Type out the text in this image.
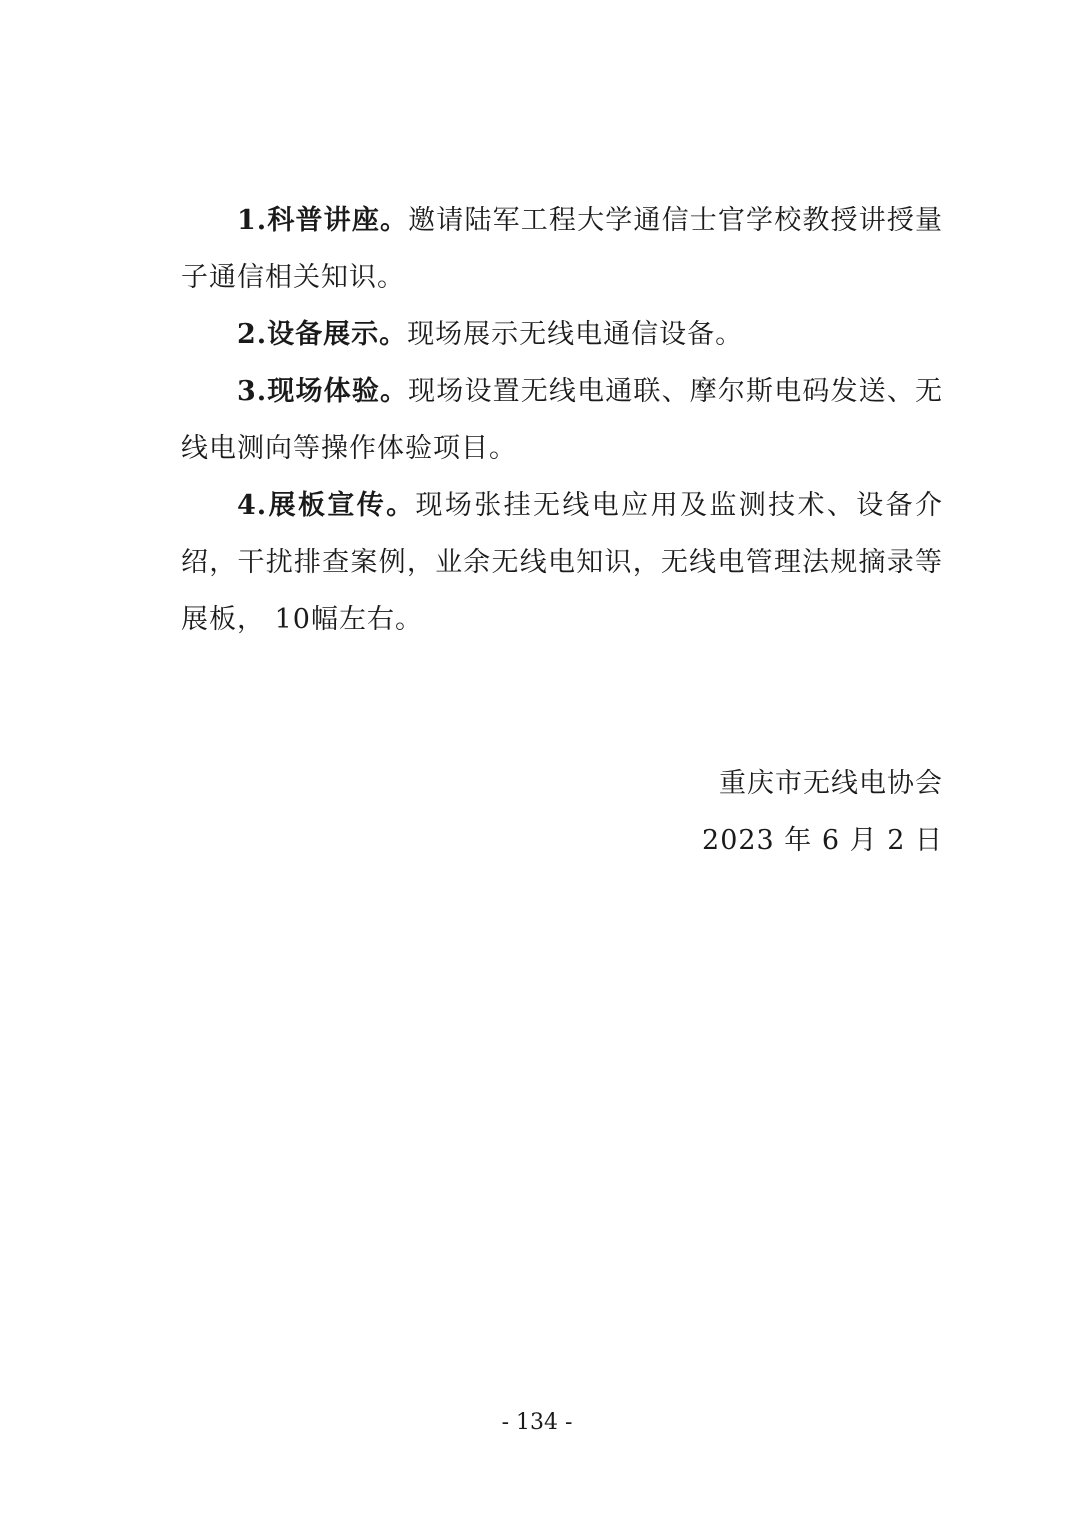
1.科普讲座。邀请陆军工程大学通信士官学校教授讲授量子通信相关知识。

2.设备展示。现场展示无线电通信设备。

3.现场体验。现场设置无线电通联、摩尔斯电码发送、无线电测向等操作体验项目。

4.展板宣传。现场张挂无线电应用及监测技术、设备介绍，干扰排查案例，业余无线电知识，无线电管理法规摘录等展板， 10幅左右。

重庆市无线电协会
2023 年 6 月 2 日
- 134 -
